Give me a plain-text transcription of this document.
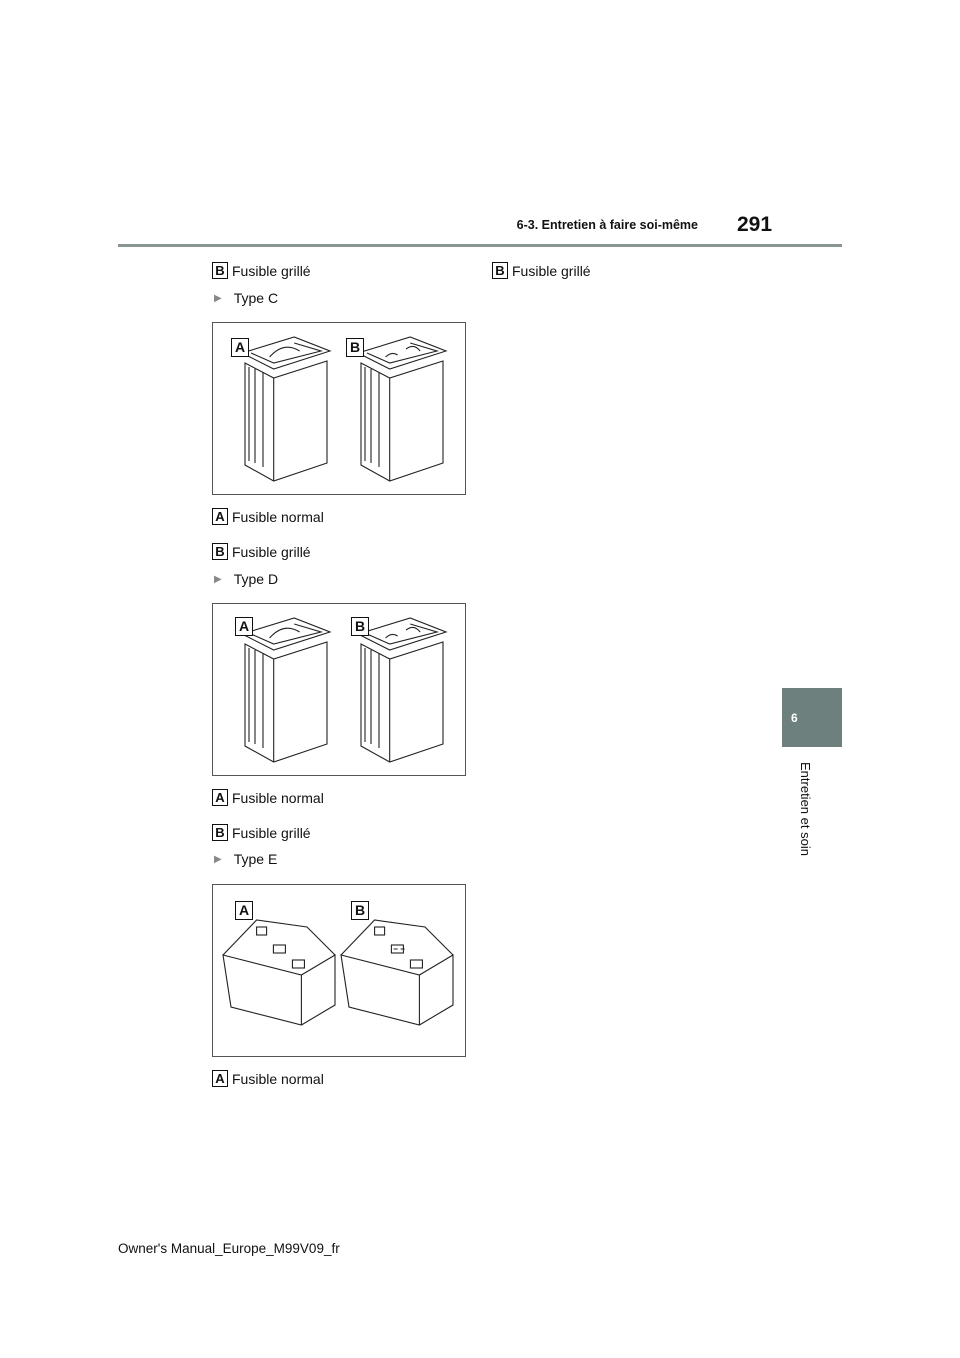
6-3. Entretien à faire soi-même 291
6
Entretien et soin
B Fusible grillé	B Fusible grillé
▶ Type C
A	B
A Fusible normal
B Fusible grillé
▶ Type D
A	B
A Fusible normal
B Fusible grillé
▶ Type E
A	B
A Fusible normal
Owner's Manual_Europe_M99V09_fr
